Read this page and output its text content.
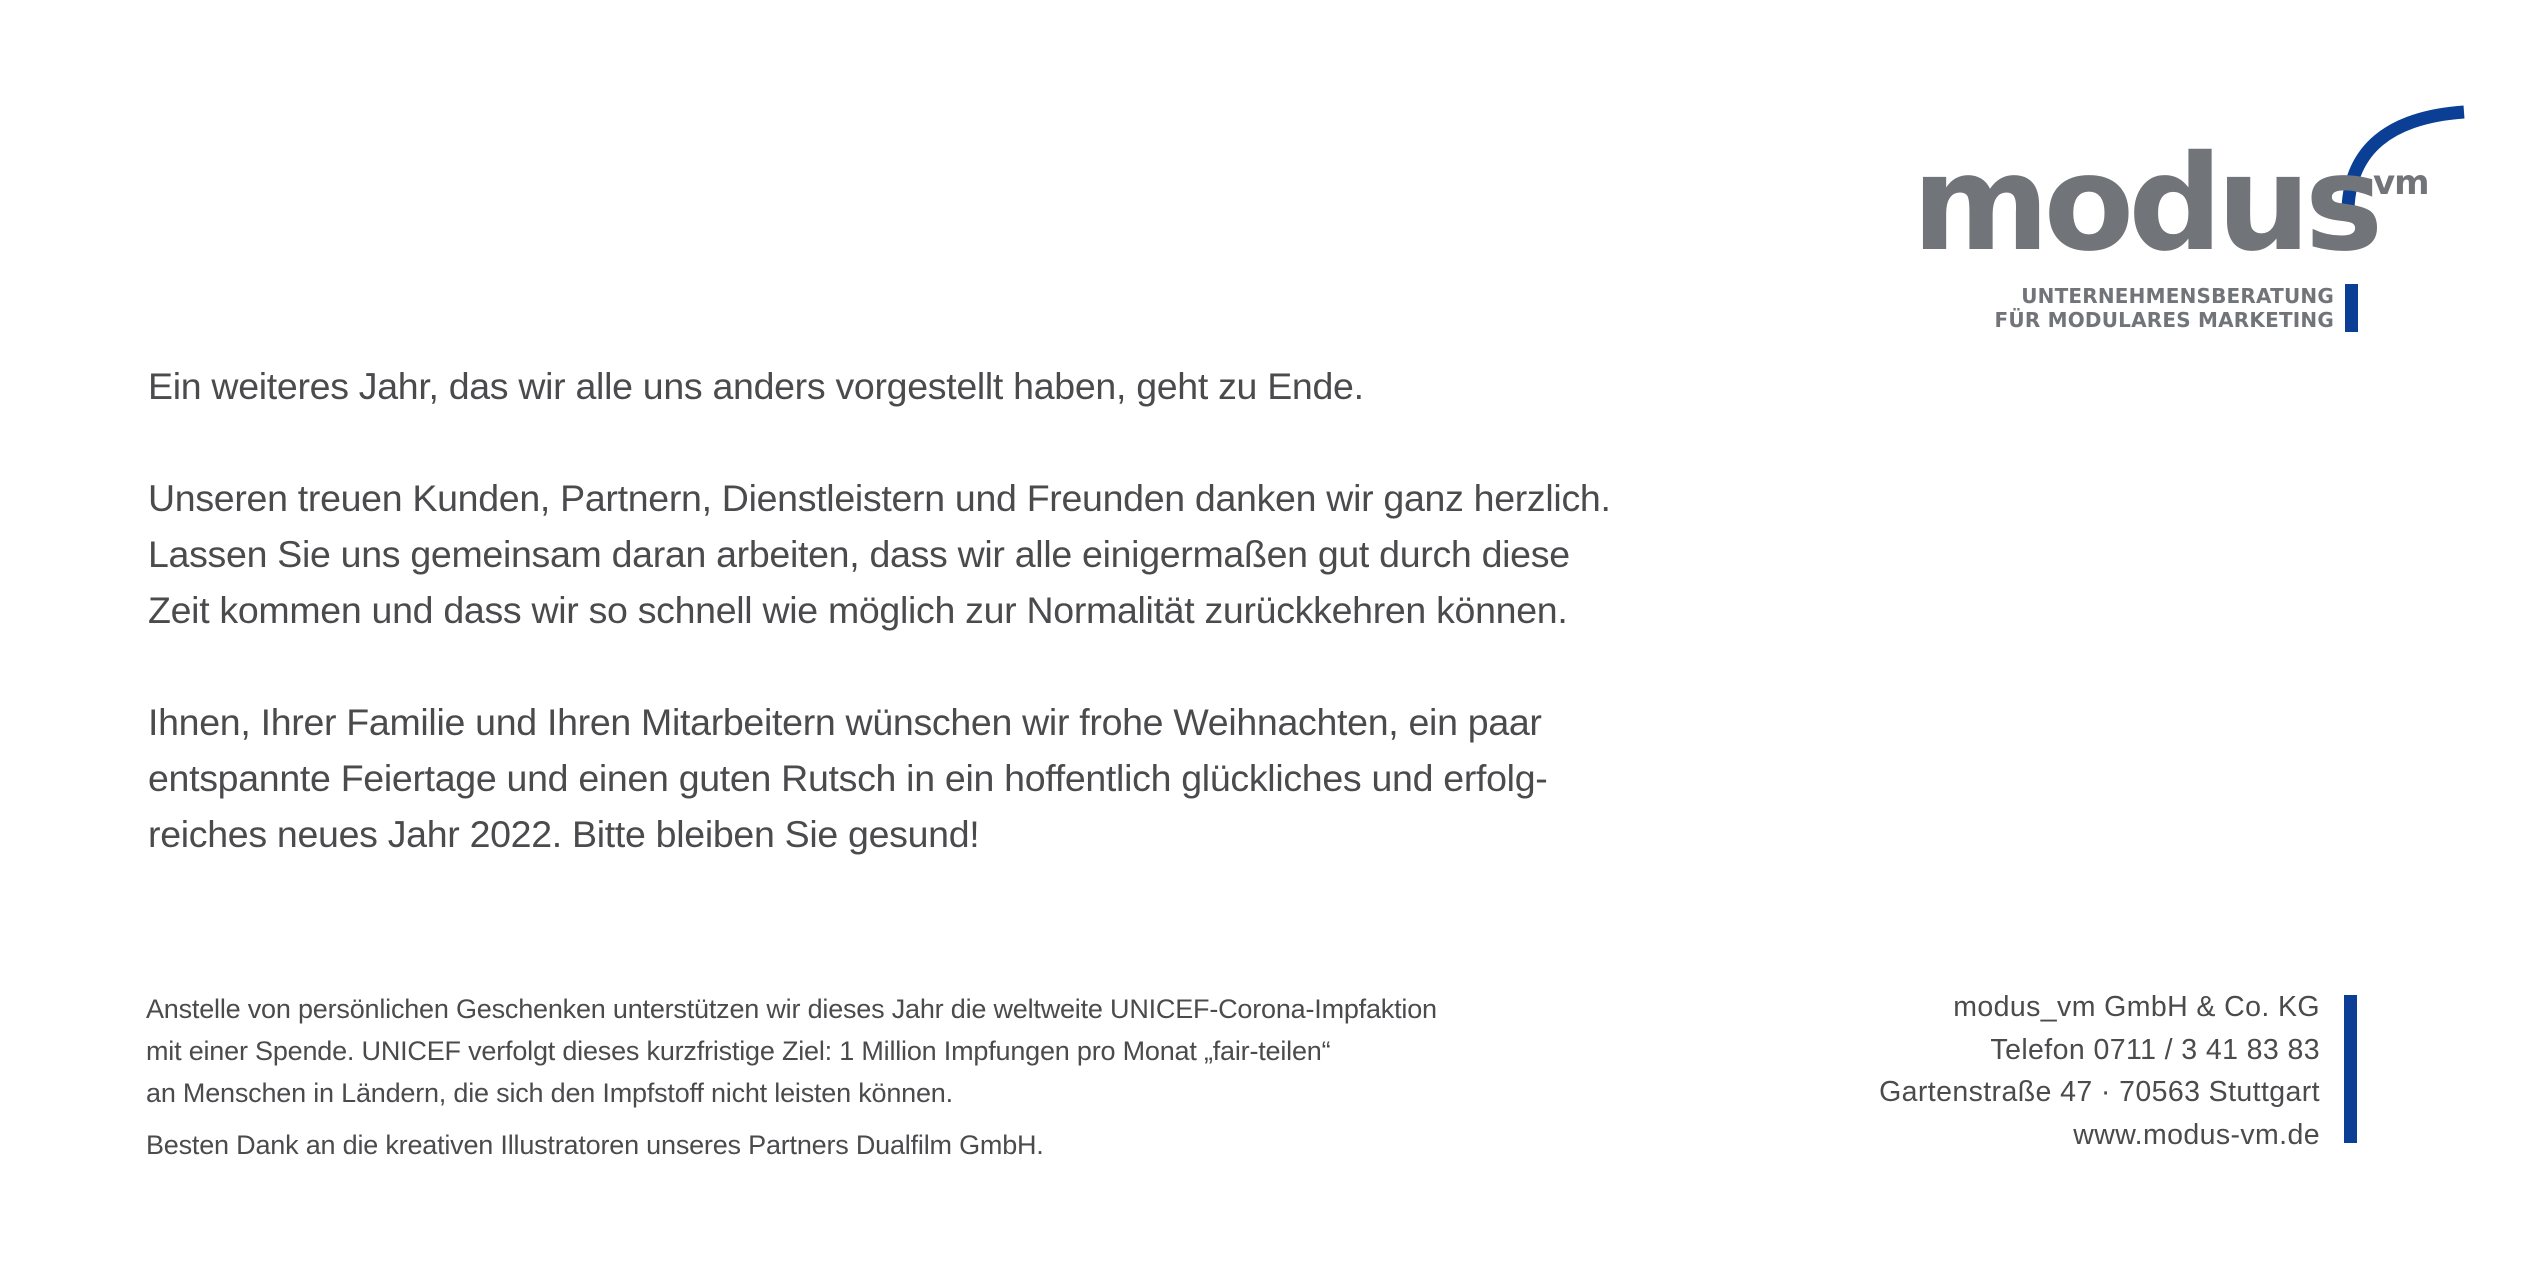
modus
vm
UNTERNEHMENSBERATUNG
FÜR MODULARES MARKETING

Ein weiteres Jahr, das wir alle uns anders vorgestellt haben, geht zu Ende.

Unseren treuen Kunden, Partnern, Dienstleistern und Freunden danken wir ganz herzlich.
Lassen Sie uns gemeinsam daran arbeiten, dass wir alle einigermaßen gut durch diese
Zeit kommen und dass wir so schnell wie möglich zur Normalität zurückkehren können.

Ihnen, Ihrer Familie und Ihren Mitarbeitern wünschen wir frohe Weihnachten, ein paar
entspannte Feiertage und einen guten Rutsch in ein hoffentlich glückliches und erfolg-
reiches neues Jahr 2022. Bitte bleiben Sie gesund!

Anstelle von persönlichen Geschenken unterstützen wir dieses Jahr die weltweite UNICEF-Corona-Impfaktion
mit einer Spende. UNICEF verfolgt dieses kurzfristige Ziel: 1 Million Impfungen pro Monat „fair-teilen“
an Menschen in Ländern, die sich den Impfstoff nicht leisten können.
Besten Dank an die kreativen Illustratoren unseres Partners Dualfilm GmbH.
modus_vm GmbH & Co. KG
Telefon 0711 / 3 41 83 83
Gartenstraße 47 · 70563 Stuttgart
www.modus-vm.de
